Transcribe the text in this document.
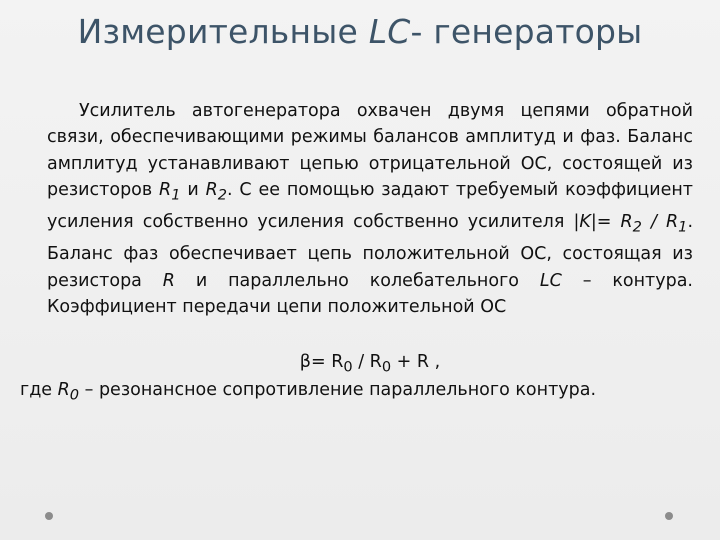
Измерительные LC- генераторы

Усилитель автогенератора охвачен двумя цепями обратной связи, обеспечивающими режимы балансов амплитуд и фаз. Баланс амплитуд устанавливают цепью отрицательной ОС, состоящей из резисторов $R_1$ и $R_2$. С ее помощью задают требуемый коэффициент усиления собственно усиления собственно усилителя $|K|= R_2 / R_1$. Баланс фаз обеспечивает цепь положительной ОС, состоящая из резистора R и параллельно колебательного LC – контура. Коэффициент передачи цепи положительной ОС

$\beta= R_0 / R_0 + R$ ,
где $R_0$ – резонансное сопротивление параллельного контура.
